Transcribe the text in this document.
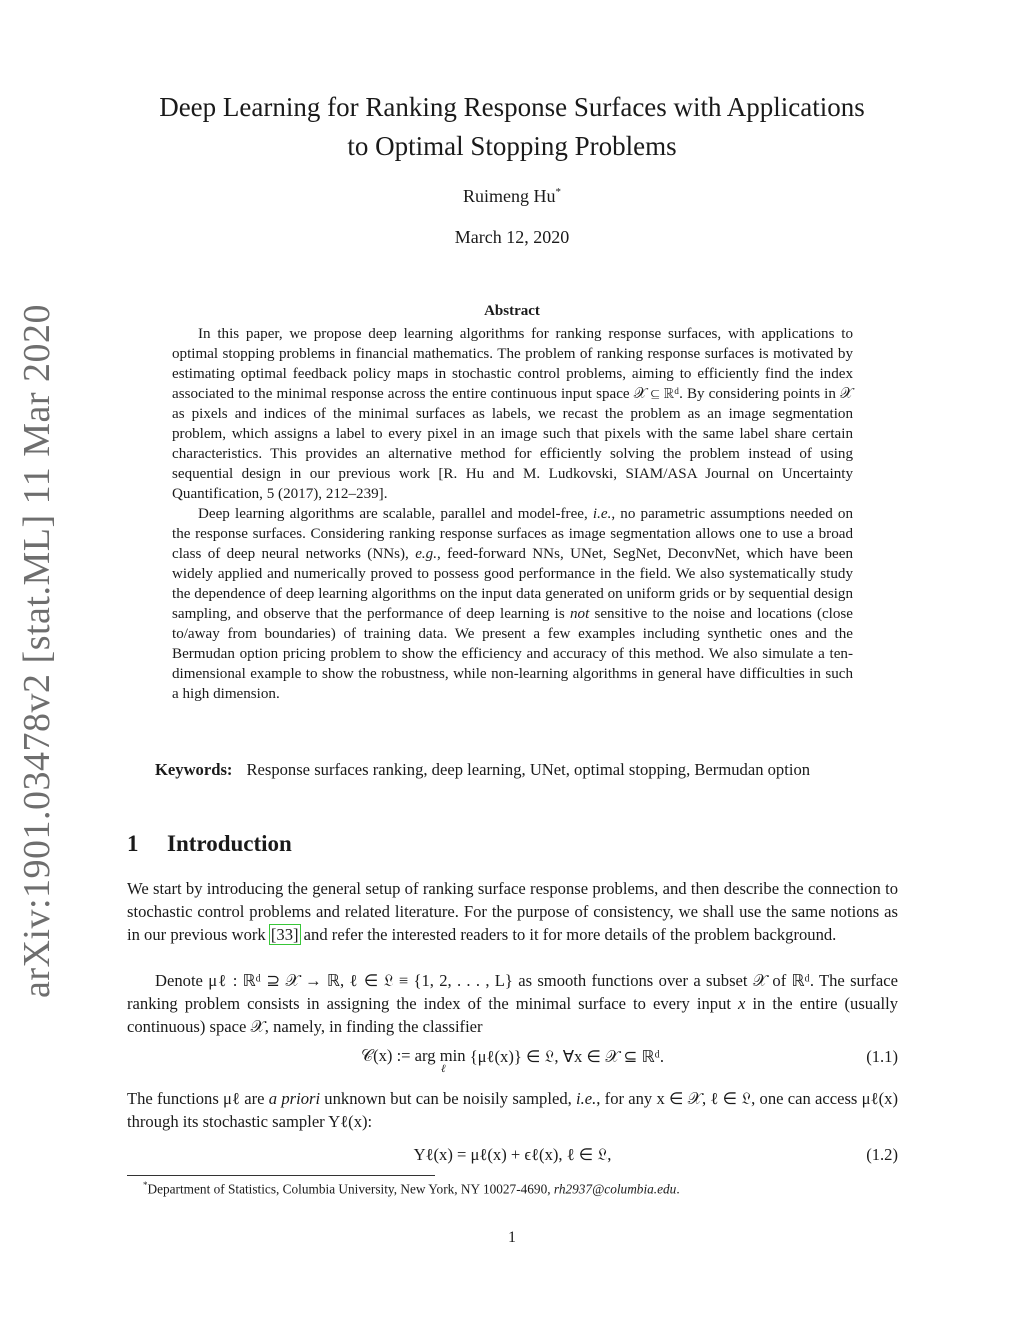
arXiv:1901.03478v2 [stat.ML] 11 Mar 2020
Deep Learning for Ranking Response Surfaces with Applications
to Optimal Stopping Problems
Ruimeng Hu*
March 12, 2020
Abstract

In this paper, we propose deep learning algorithms for ranking response surfaces, with applications to optimal stopping problems in financial mathematics. The problem of ranking response surfaces is motivated by estimating optimal feedback policy maps in stochastic control problems, aiming to efficiently find the index associated to the minimal response across the entire continuous input space 𝒳 ⊆ ℝᵈ. By considering points in 𝒳 as pixels and indices of the minimal surfaces as labels, we recast the problem as an image segmentation problem, which assigns a label to every pixel in an image such that pixels with the same label share certain characteristics. This provides an alternative method for efficiently solving the problem instead of using sequential design in our previous work [R. Hu and M. Ludkovski, SIAM/ASA Journal on Uncertainty Quantification, 5 (2017), 212–239].

Deep learning algorithms are scalable, parallel and model-free, i.e., no parametric assumptions needed on the response surfaces. Considering ranking response surfaces as image segmentation allows one to use a broad class of deep neural networks (NNs), e.g., feed-forward NNs, UNet, SegNet, DeconvNet, which have been widely applied and numerically proved to possess good performance in the field. We also systematically study the dependence of deep learning algorithms on the input data generated on uniform grids or by sequential design sampling, and observe that the performance of deep learning is not sensitive to the noise and locations (close to/away from boundaries) of training data. We present a few examples including synthetic ones and the Bermudan option pricing problem to show the efficiency and accuracy of this method. We also simulate a ten-dimensional example to show the robustness, while non-learning algorithms in general have difficulties in such a high dimension.

Keywords: Response surfaces ranking, deep learning, UNet, optimal stopping, Bermudan option
1 Introduction

We start by introducing the general setup of ranking surface response problems, and then describe the connection to stochastic control problems and related literature. For the purpose of consistency, we shall use the same notions as in our previous work [33] and refer the interested readers to it for more details of the problem background.

Denote μℓ : ℝᵈ ⊇ 𝒳 → ℝ, ℓ ∈ 𝔏 ≡ {1, 2, . . . , L} as smooth functions over a subset 𝒳 of ℝᵈ. The surface ranking problem consists in assigning the index of the minimal surface to every input x in the entire (usually continuous) space 𝒳, namely, in finding the classifier

𝒞(x) := arg min
ℓ
{μℓ(x)} ∈ 𝔏, ∀x ∈ 𝒳 ⊆ ℝᵈ.	(1.1)

The functions μℓ are a priori unknown but can be noisily sampled, i.e., for any x ∈ 𝒳, ℓ ∈ 𝔏, one can access μℓ(x) through its stochastic sampler Yℓ(x):

Yℓ(x) = μℓ(x) + ϵℓ(x), ℓ ∈ 𝔏,	(1.2)
*Department of Statistics, Columbia University, New York, NY 10027-4690, rh2937@columbia.edu.
1
